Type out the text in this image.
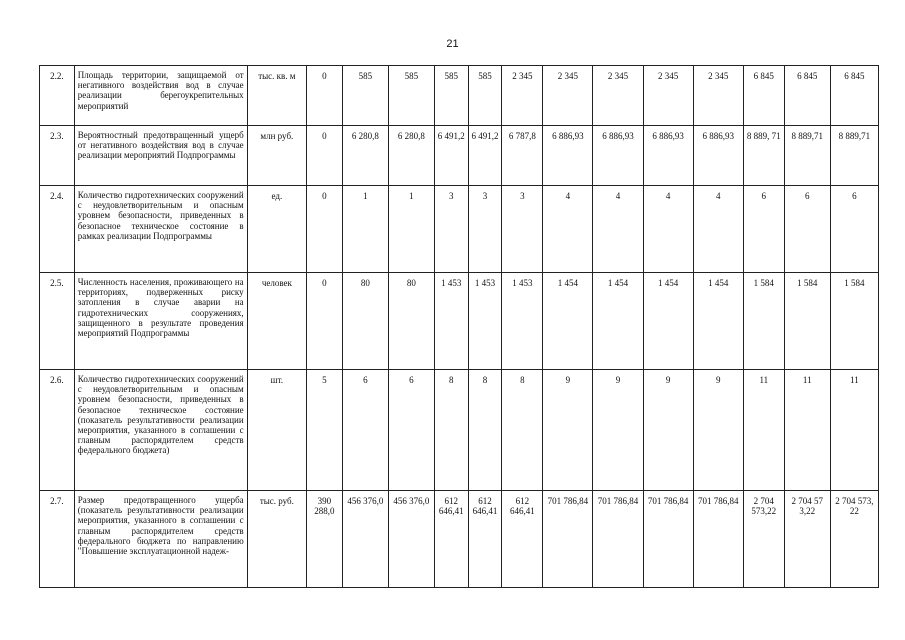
21
2.2.	Площадь территории, защищаемой от негативного воздействия вод в случае реализации берегоукрепительных мероприятий	тыс. кв. м	0	585	585	585	585	2 345	2 345	2 345	2 345	2 345	6 845	6 845	6 845
2.3.	Вероятностный предотвращенный ущерб от негативного воздействия вод в случае реализации мероприятий Подпрограммы	млн руб.	0	6 280,8	6 280,8	6 491,2	6 491,2	6 787,8	6 886,93	6 886,93	6 886,93	6 886,93	8 889, 71	8 889,71	8 889,71
2.4.	Количество гидротехнических сооружений с неудовлетворительным и опасным уровнем безопасности, приведенных в безопасное техническое состояние в рамках реализации Подпрограммы	ед.	0	1	1	3	3	3	4	4	4	4	6	6	6
2.5.	Численность населения, проживающего на территориях, подверженных риску затопления в случае аварии на гидротехнических сооружениях, защищенного в результате проведения мероприятий Подпрограммы	человек	0	80	80	1 453	1 453	1 453	1 454	1 454	1 454	1 454	1 584	1 584	1 584
2.6.	Количество гидротехнических сооружений с неудовлетворительным и опасным уровнем безопасности, приведенных в безопасное техническое состояние (показатель результативности реализации мероприятия, указанного в соглашении с главным распорядителем средств федерального бюджета)	шт.	5	6	6	8	8	8	9	9	9	9	11	11	11
2.7.	Размер предотвращенного ущерба (показатель результативности реализации мероприятия, указанного в соглашении с главным распорядителем средств федерального бюджета по направлению "Повышение эксплуатационной надеж-	тыс. руб.	390 288,0	456 376,0	456 376,0	612 646,41	612 646,41	612 646,41	701 786,84	701 786,84	701 786,84	701 786,84	2 704 573,22	2 704 57 3,22	2 704 573, 22
